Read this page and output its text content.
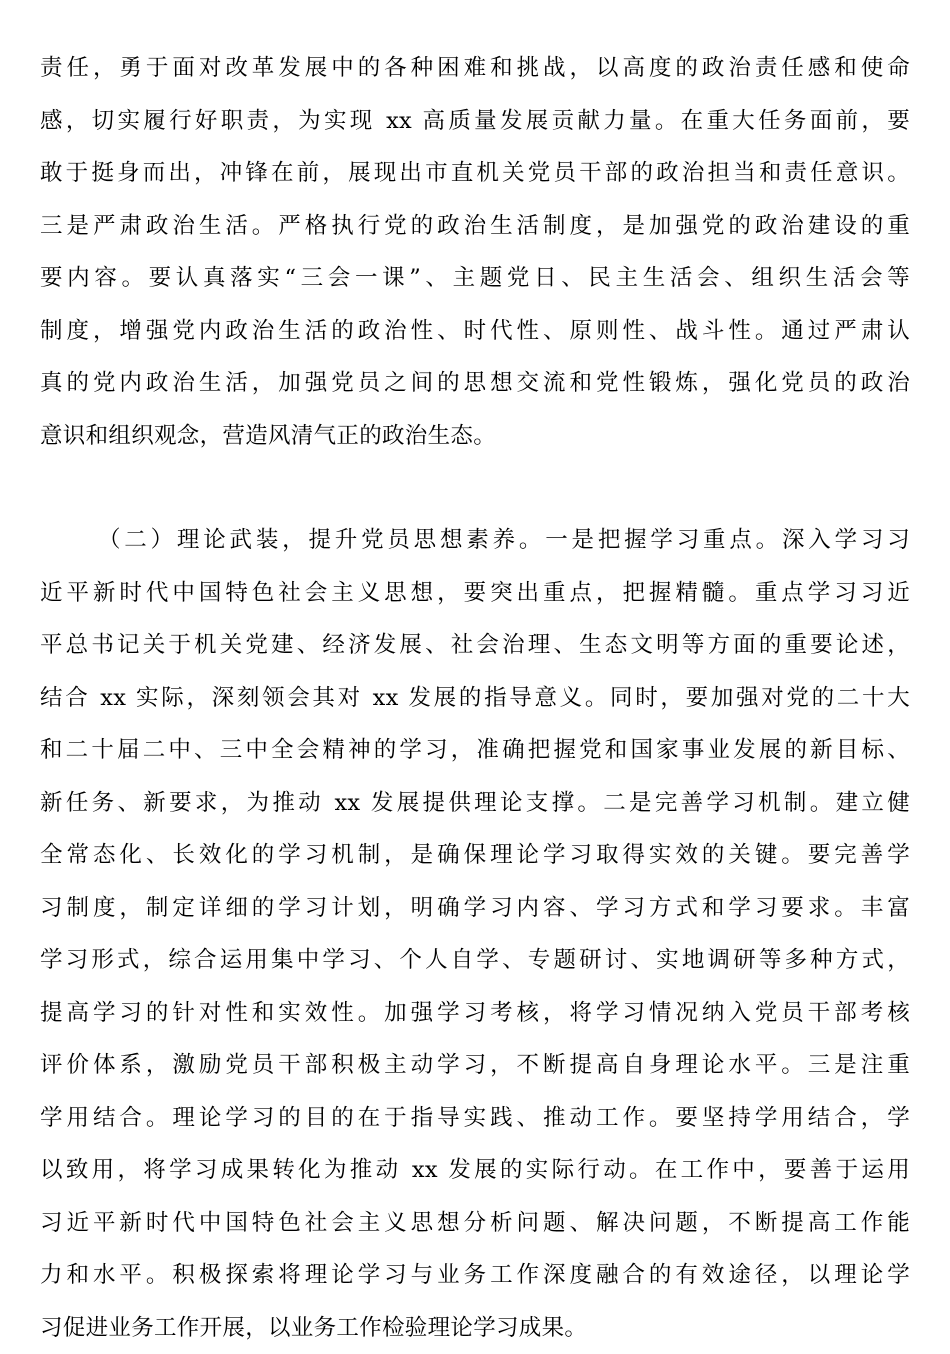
责任，勇于面对改革发展中的各种困难和挑战，以高度的政治责任感和使命
感，切实履行好职责，为实现 xx 高质量发展贡献力量。在重大任务面前，要
敢于挺身而出，冲锋在前，展现出市直机关党员干部的政治担当和责任意识。
三是严肃政治生活。严格执行党的政治生活制度，是加强党的政治建设的重
要内容。要认真落实“三会一课”、主题党日、民主生活会、组织生活会等
制度，增强党内政治生活的政治性、时代性、原则性、战斗性。通过严肃认
真的党内政治生活，加强党员之间的思想交流和党性锻炼，强化党员的政治
意识和组织观念，营造风清气正的政治生态。
（二）理论武装，提升党员思想素养。一是把握学习重点。深入学习习
近平新时代中国特色社会主义思想，要突出重点，把握精髓。重点学习习近
平总书记关于机关党建、经济发展、社会治理、生态文明等方面的重要论述，
结合 xx 实际，深刻领会其对 xx 发展的指导意义。同时，要加强对党的二十大
和二十届二中、三中全会精神的学习，准确把握党和国家事业发展的新目标、
新任务、新要求，为推动 xx 发展提供理论支撑。二是完善学习机制。建立健
全常态化、长效化的学习机制，是确保理论学习取得实效的关键。要完善学
习制度，制定详细的学习计划，明确学习内容、学习方式和学习要求。丰富
学习形式，综合运用集中学习、个人自学、专题研讨、实地调研等多种方式，
提高学习的针对性和实效性。加强学习考核，将学习情况纳入党员干部考核
评价体系，激励党员干部积极主动学习，不断提高自身理论水平。三是注重
学用结合。理论学习的目的在于指导实践、推动工作。要坚持学用结合，学
以致用，将学习成果转化为推动 xx 发展的实际行动。在工作中，要善于运用
习近平新时代中国特色社会主义思想分析问题、解决问题，不断提高工作能
力和水平。积极探索将理论学习与业务工作深度融合的有效途径，以理论学
习促进业务工作开展，以业务工作检验理论学习成果。
